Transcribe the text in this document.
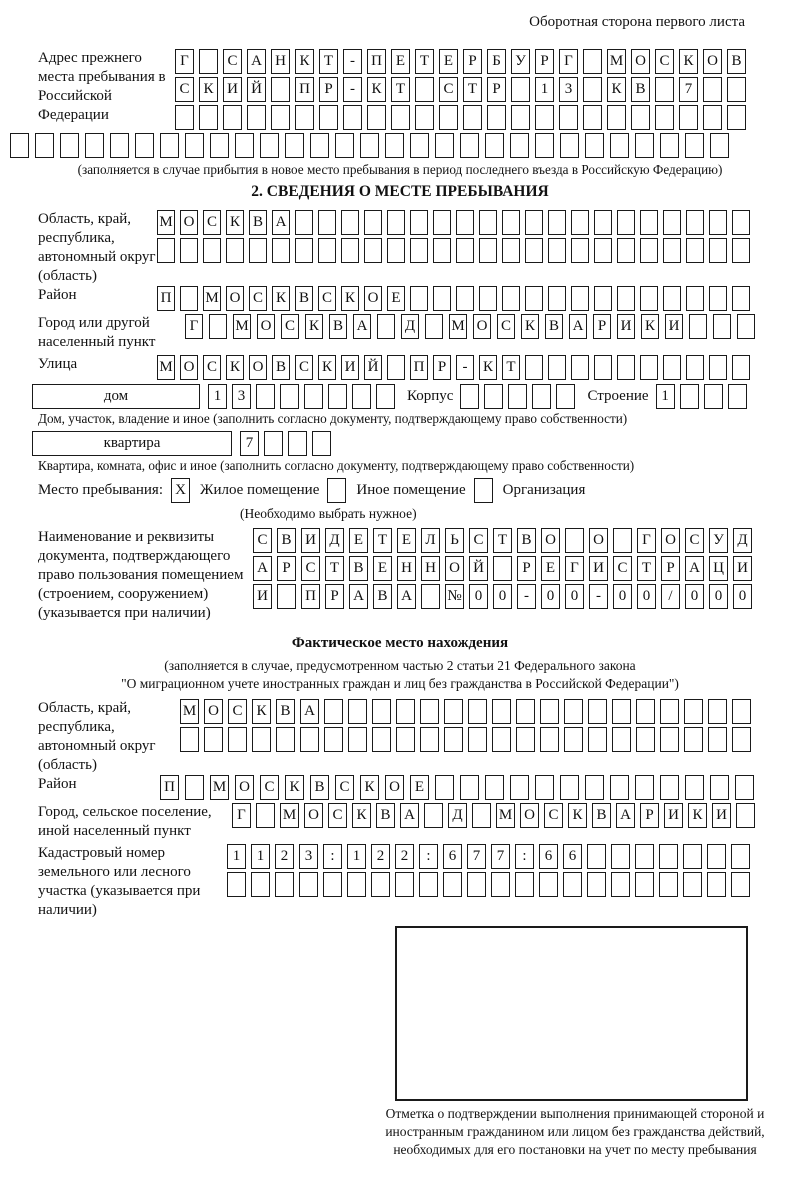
Оборотная сторона первого листа
Адрес прежнего места пребывания в Российской Федерации
Г	С А Н К Т	-	П Е Т Е	Р	Б У Р	Г	М О С К О В
С К И Й П Р	-	К Т	С Т	Р	1	3	К В	7
(заполняется в случае прибытия в новое место пребывания в период последнего въезда в Российскую Федерацию)
2. СВЕДЕНИЯ О МЕСТЕ ПРЕБЫВАНИЯ
Область, край, республика, автономный округ (область)
М О С К В А
Район	П М О С К В С К О Е
Город или другой населенный пункт
Г	М О С К В А Д М О С К В А Р И К И
Улица	М О С К О В С К И Й П Р	-	К Т
дом	1	3	Корпус	Строение 1
Дом, участок, владение и иное (заполнить согласно документу, подтверждающему право собственности)
квартира	7
Квартира, комната, офис и иное (заполнить согласно документу, подтверждающему право собственности)
Место пребывания: X Жилое помещение Иное помещение Организация
(Необходимо выбрать нужное)
Наименование и реквизиты документа, подтверждающего право пользования помещением (строением, сооружением) (указывается при наличии)
С В И Д Е Т Е Л Ь С Т В О О	Г О С У Д
А Р С Т В Е Н Н О Й	Р	Е	Г И С Т	Р А Ц И
И П Р А В А № 0	0	-	0	0	-	0	0	/	0	0	0
Фактическое место нахождения
(заполняется в случае, предусмотренном частью 2 статьи 21 Федерального закона
"О миграционном учете иностранных граждан и лиц без гражданства в Российской Федерации")
Область, край, республика, автономный округ (область)
М О С К В А
Район	П	М О С К В С К О Е
Город, сельское поселение, иной населенный пункт
Г	М О С К В А Д М О С К В А Р И К И
Кадастровый номер земельного или лесного участка (указывается при наличии)
1	1	2	3	:	1	2	2	:	6	7	7	:	6	6
Отметка о подтверждении выполнения принимающей стороной и иностранным гражданином или лицом без гражданства действий, необходимых для его постановки на учет по месту пребывания
